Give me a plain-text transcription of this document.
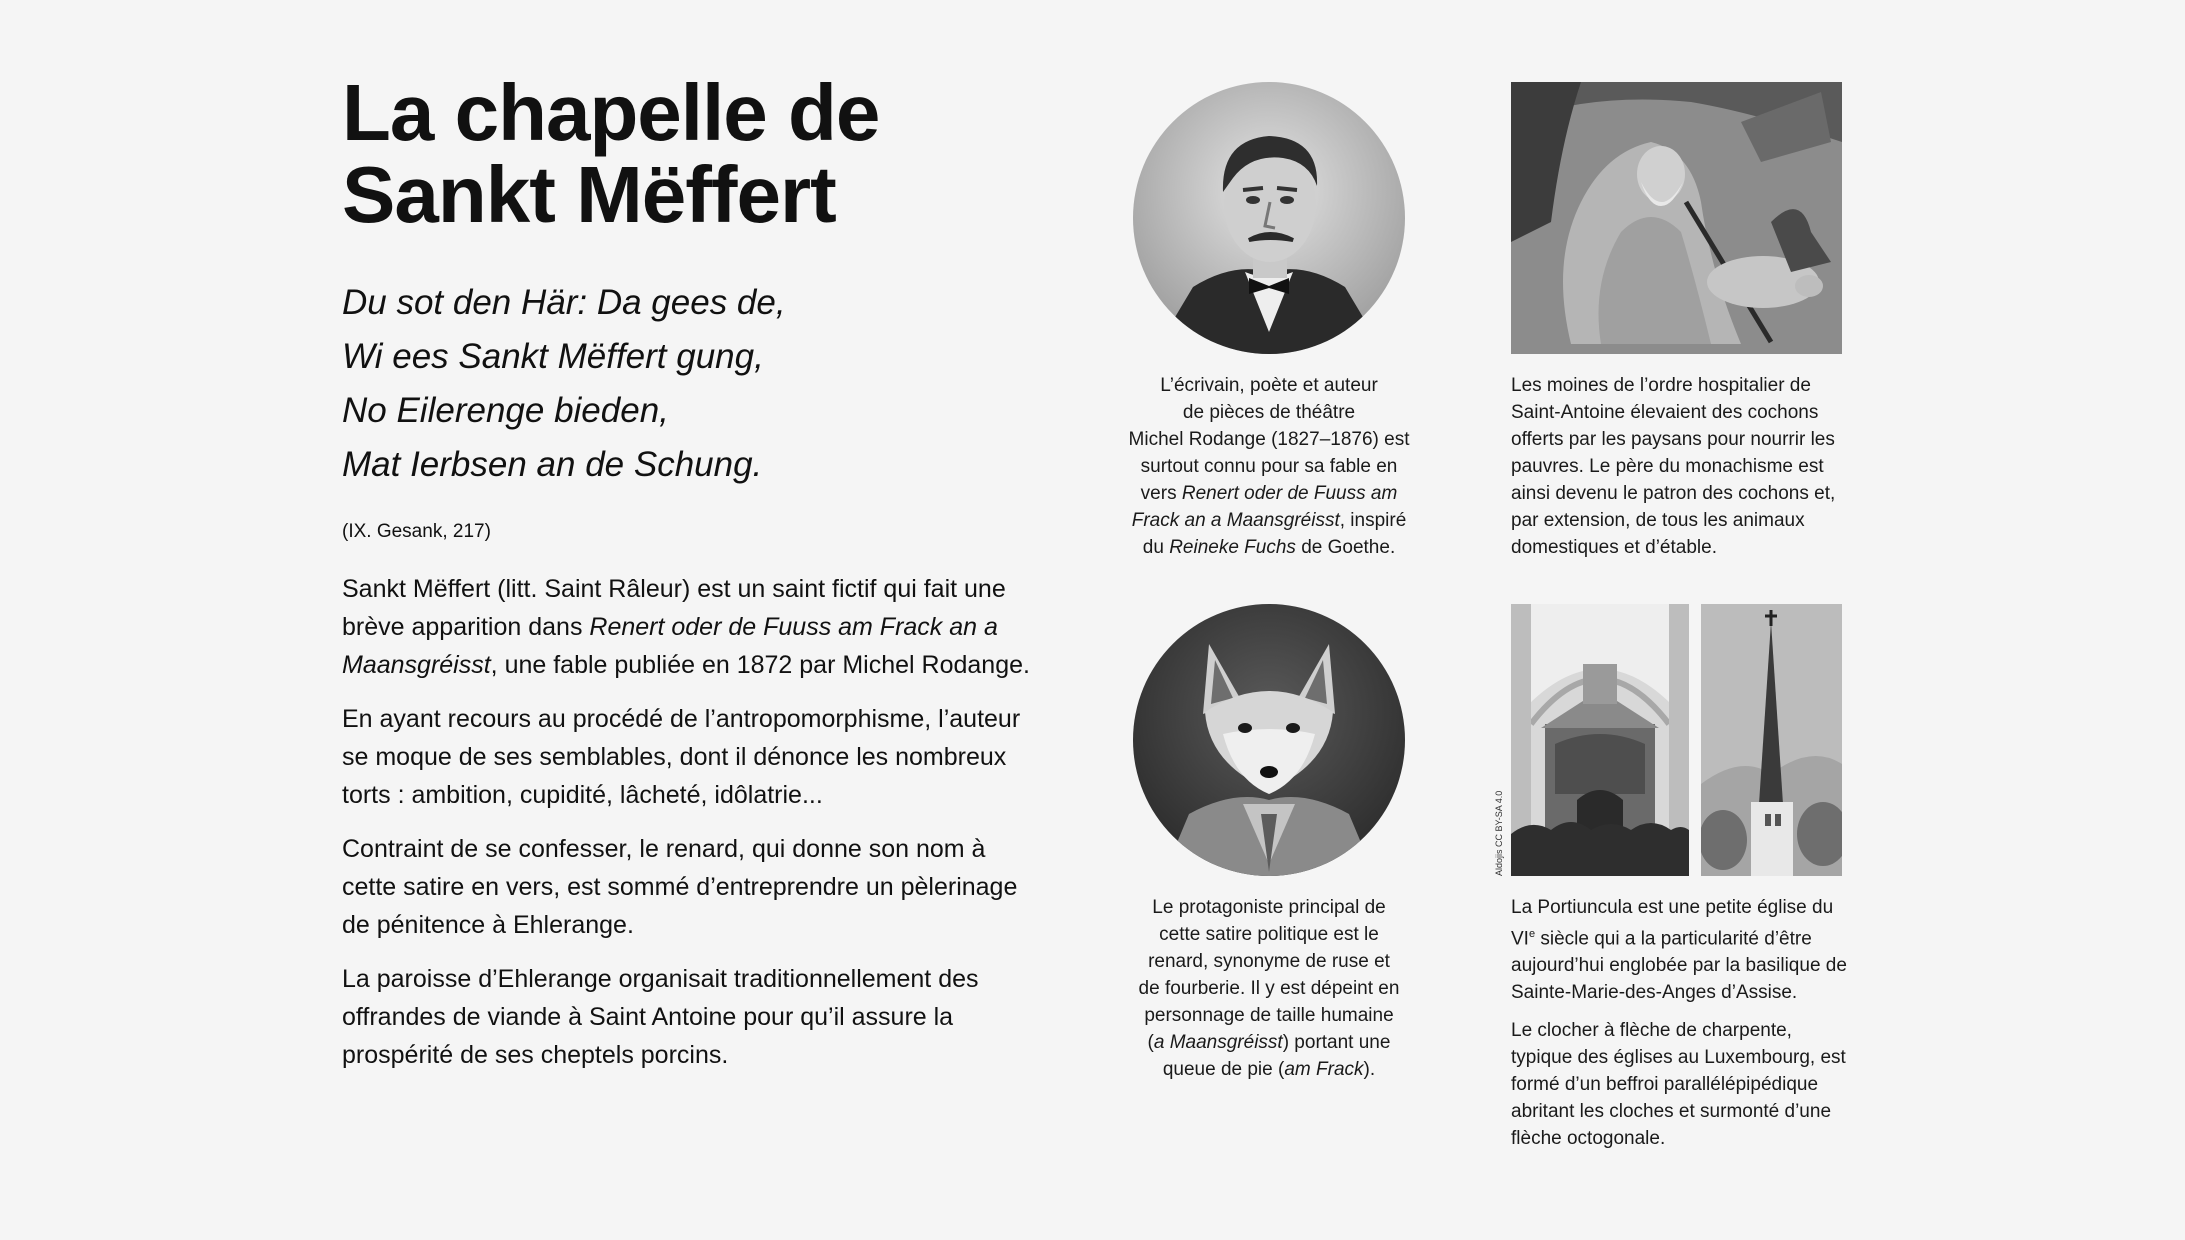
La chapelle de
Sankt Mëffert
Du sot den Här: Da gees de,
Wi ees Sankt Mëffert gung,
No Eilerenge bieden,
Mat Ierbsen an de Schung.
(IX. Gesank, 217)

Sankt Mëffert (litt. Saint Râleur) est un saint fictif qui fait une brève apparition dans Renert oder de Fuuss am Frack an a Maansgréisst, une fable publiée en 1872 par Michel Rodange.

En ayant recours au procédé de l’antropomorphisme, l’auteur se moque de ses semblables, dont il dénonce les nombreux torts : ambition, cupidité, lâcheté, idôlatrie...

Contraint de se confesser, le renard, qui donne son nom à cette satire en vers, est sommé d’entreprendre un pèlerinage de pénitence à Ehlerange.

La paroisse d’Ehlerange organisait traditionnellement des offrandes de viande à Saint Antoine pour qu’il assure la prospérité de ses cheptels porcins.

L’écrivain, poète et auteur
de pièces de théâtre
Michel Rodange (1827–1876) est
surtout connu pour sa fable en
vers Renert oder de Fuuss am
Frack an a Maansgréisst, inspiré
du Reineke Fuchs de Goethe.
Les moines de l’ordre hospitalier de Saint-Antoine élevaient des cochons offerts par les paysans pour nourrir les pauvres. Le père du monachisme est ainsi devenu le patron des cochons et, par extension, de tous les animaux domestiques et d’étable.
Le protagoniste principal de
cette satire politique est le
renard, synonyme de ruse et
de fourberie. Il y est dépeint en
personnage de taille humaine
(a Maansgréisst) portant une
queue de pie (am Frack).
Aldojis CC BY-SA 4.0

La Portiuncula est une petite église du VIe siècle qui a la particularité d’être aujourd’hui englobée par la basilique de Sainte-Marie-des-Anges d’Assise.

Le clocher à flèche de charpente, typique des églises au Luxembourg, est formé d’un beffroi parallélépipédique abritant les cloches et surmonté d’une flèche octogonale.
